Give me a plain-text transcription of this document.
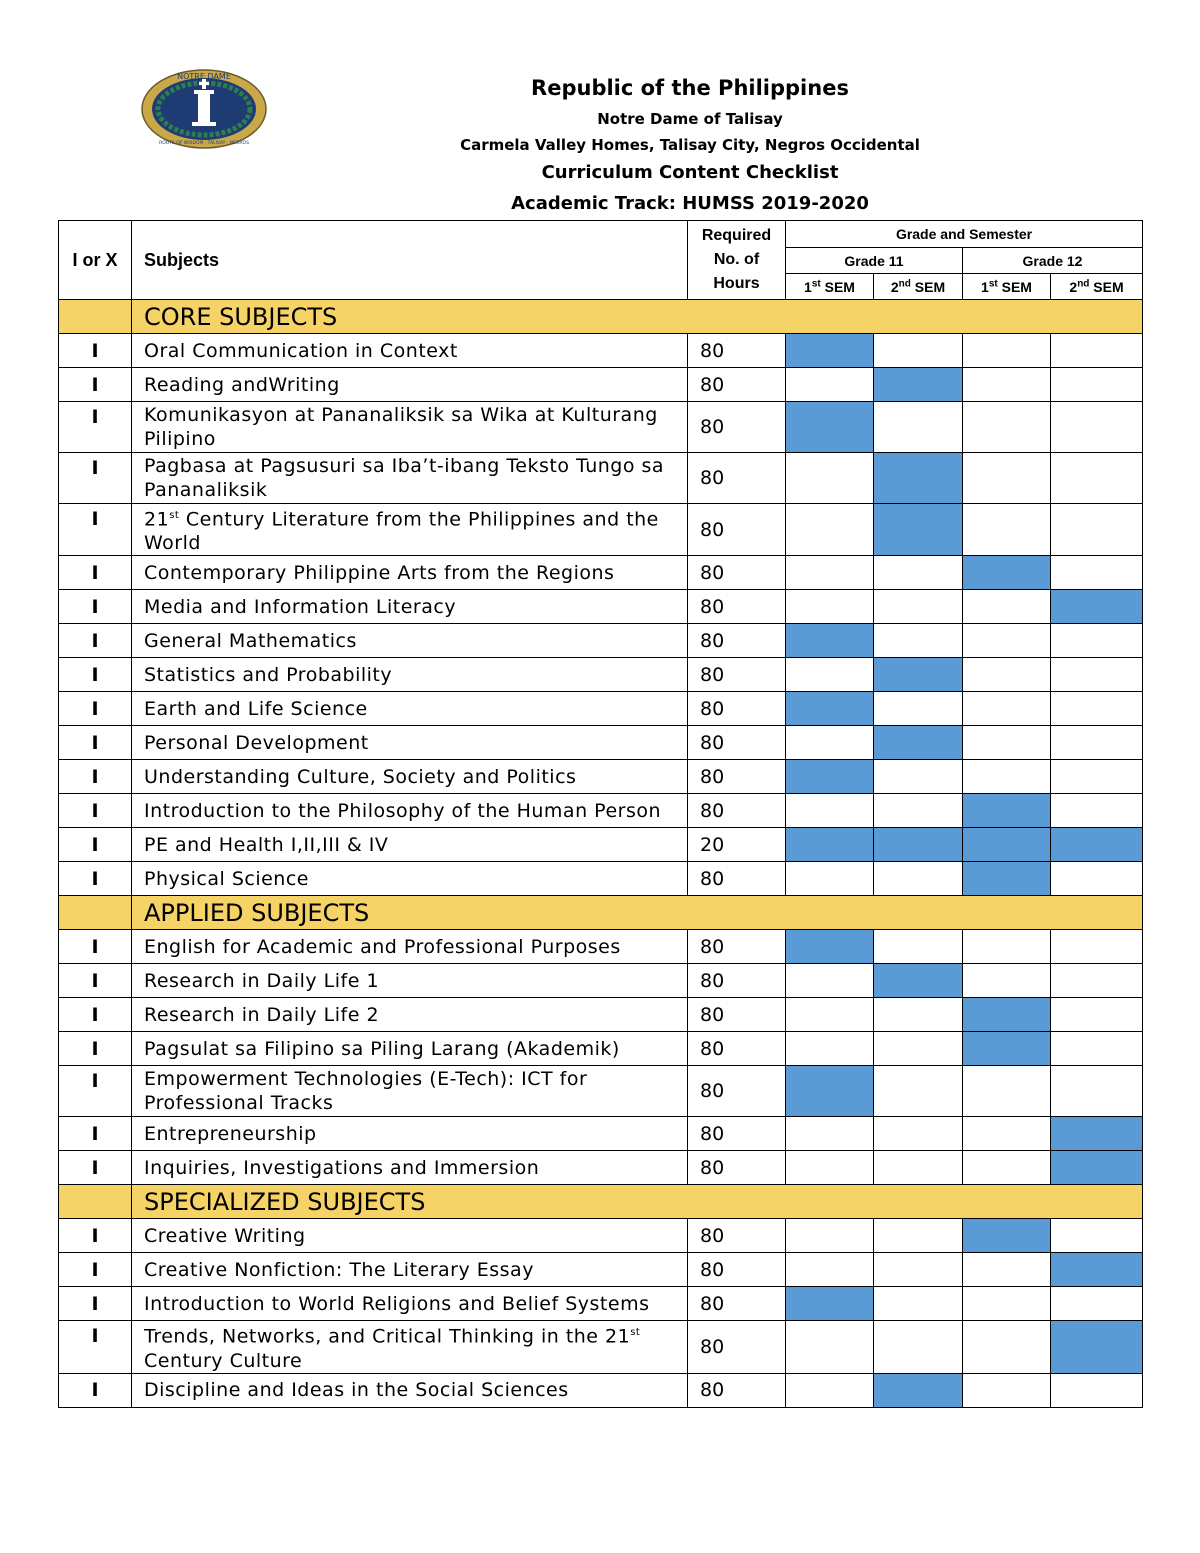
NOTRE DAME
ROOTS OF WISDOM · TALISAY · NEGROS
Republic of the Philippines
Notre Dame of Talisay
Carmela Valley Homes, Talisay City, Negros Occidental
Curriculum Content Checklist
Academic Track: HUMSS 2019-2020
I or X	Subjects	Required No. of Hours	Grade and Semester			
			Grade 11		Grade 12	
			1st SEM	2nd SEM	1st SEM	2nd SEM
	CORE SUBJECTS					
I	Oral Communication in Context	80				
I	Reading andWriting	80				
I	Komunikasyon at Pananaliksik sa Wika at Kulturang Pilipino	80				
I	Pagbasa at Pagsusuri sa Iba’t-ibang Teksto Tungo sa Pananaliksik	80				
I	21st Century Literature from the Philippines and the World	80				
I	Contemporary Philippine Arts from the Regions	80				
I	Media and Information Literacy	80				
I	General Mathematics	80				
I	Statistics and Probability	80				
I	Earth and Life Science	80				
I	Personal Development	80				
I	Understanding Culture, Society and Politics	80				
I	Introduction to the Philosophy of the Human Person	80				
I	PE and Health I,II,III & IV	20				
I	Physical Science	80				
	APPLIED SUBJECTS					
I	English for Academic and Professional Purposes	80				
I	Research in Daily Life 1	80				
I	Research in Daily Life 2	80				
I	Pagsulat sa Filipino sa Piling Larang (Akademik)	80				
I	Empowerment Technologies (E-Tech): ICT for Professional Tracks	80				
I	Entrepreneurship	80				
I	Inquiries, Investigations and Immersion	80				
	SPECIALIZED SUBJECTS					
I	Creative Writing	80				
I	Creative Nonfiction: The Literary Essay	80				
I	Introduction to World Religions and Belief Systems	80				
I	Trends, Networks, and Critical Thinking in the 21st Century Culture	80				
I	Discipline and Ideas in the Social Sciences	80				
